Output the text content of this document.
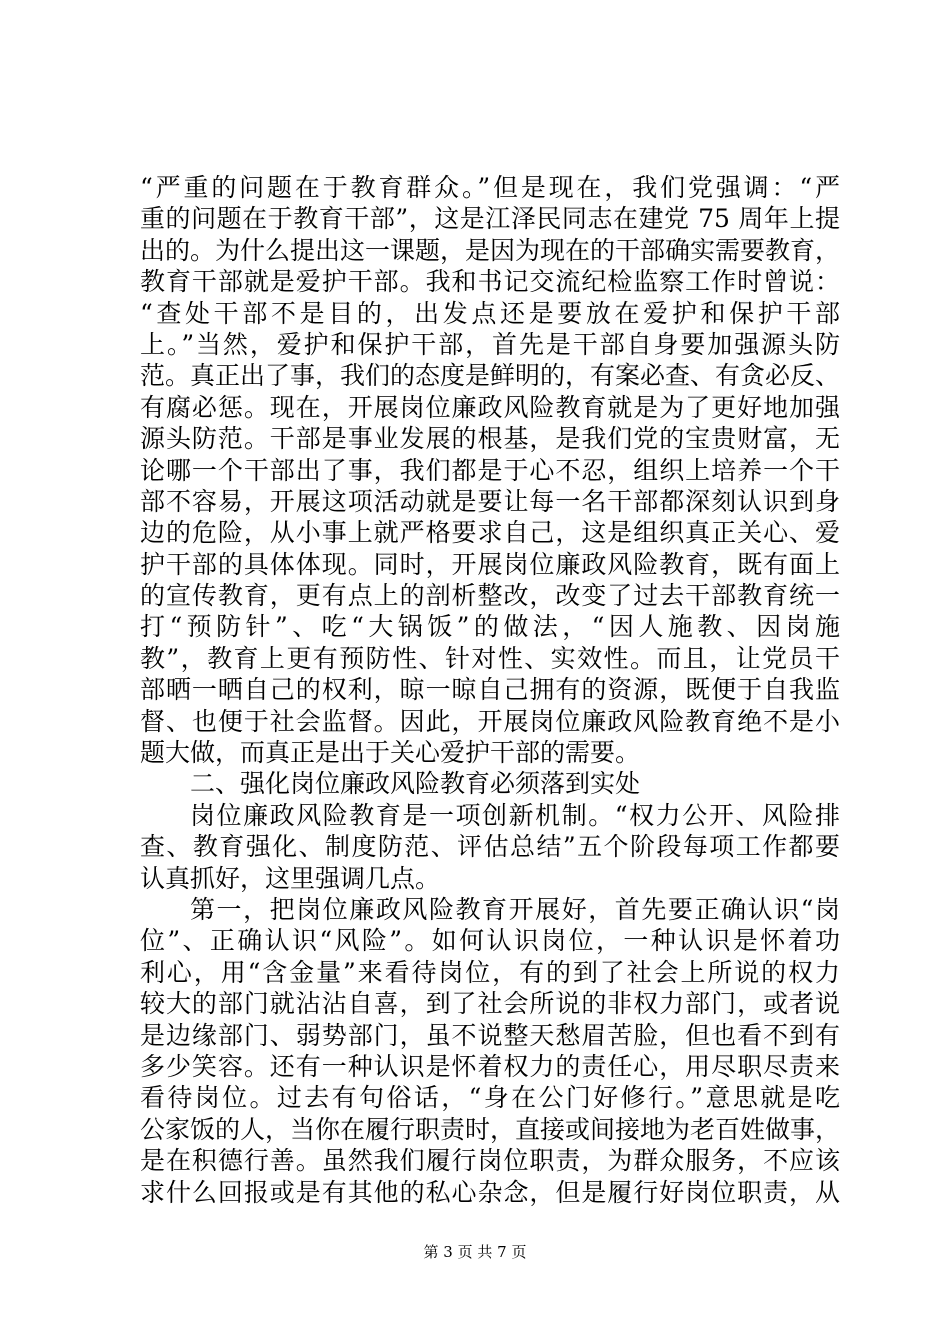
“严重的问题在于教育群众。”但是现在，我们党强调：“严
重的问题在于教育干部”，这是江泽民同志在建党 75 周年上提
出的。为什么提出这一课题，是因为现在的干部确实需要教育，
教育干部就是爱护干部。我和书记交流纪检监察工作时曾说：
“查处干部不是目的，出发点还是要放在爱护和保护干部
上。”当然，爱护和保护干部，首先是干部自身要加强源头防
范。真正出了事，我们的态度是鲜明的，有案必查、有贪必反、
有腐必惩。现在，开展岗位廉政风险教育就是为了更好地加强
源头防范。干部是事业发展的根基，是我们党的宝贵财富，无
论哪一个干部出了事，我们都是于心不忍，组织上培养一个干
部不容易，开展这项活动就是要让每一名干部都深刻认识到身
边的危险，从小事上就严格要求自己，这是组织真正关心、爱
护干部的具体体现。同时，开展岗位廉政风险教育，既有面上
的宣传教育，更有点上的剖析整改，改变了过去干部教育统一
打“预防针”、吃“大锅饭”的做法，“因人施教、因岗施
教”，教育上更有预防性、针对性、实效性。而且，让党员干
部晒一晒自己的权利，晾一晾自己拥有的资源，既便于自我监
督、也便于社会监督。因此，开展岗位廉政风险教育绝不是小
题大做，而真正是出于关心爱护干部的需要。
二、强化岗位廉政风险教育必须落到实处
岗位廉政风险教育是一项创新机制。“权力公开、风险排
查、教育强化、制度防范、评估总结”五个阶段每项工作都要
认真抓好，这里强调几点。
第一，把岗位廉政风险教育开展好，首先要正确认识“岗
位”、正确认识“风险”。如何认识岗位，一种认识是怀着功
利心，用“含金量”来看待岗位，有的到了社会上所说的权力
较大的部门就沾沾自喜，到了社会所说的非权力部门，或者说
是边缘部门、弱势部门，虽不说整天愁眉苦脸，但也看不到有
多少笑容。还有一种认识是怀着权力的责任心，用尽职尽责来
看待岗位。过去有句俗话，“身在公门好修行。”意思就是吃
公家饭的人，当你在履行职责时，直接或间接地为老百姓做事，
是在积德行善。虽然我们履行岗位职责，为群众服务，不应该
求什么回报或是有其他的私心杂念，但是履行好岗位职责，从
第 3 页 共 7 页
